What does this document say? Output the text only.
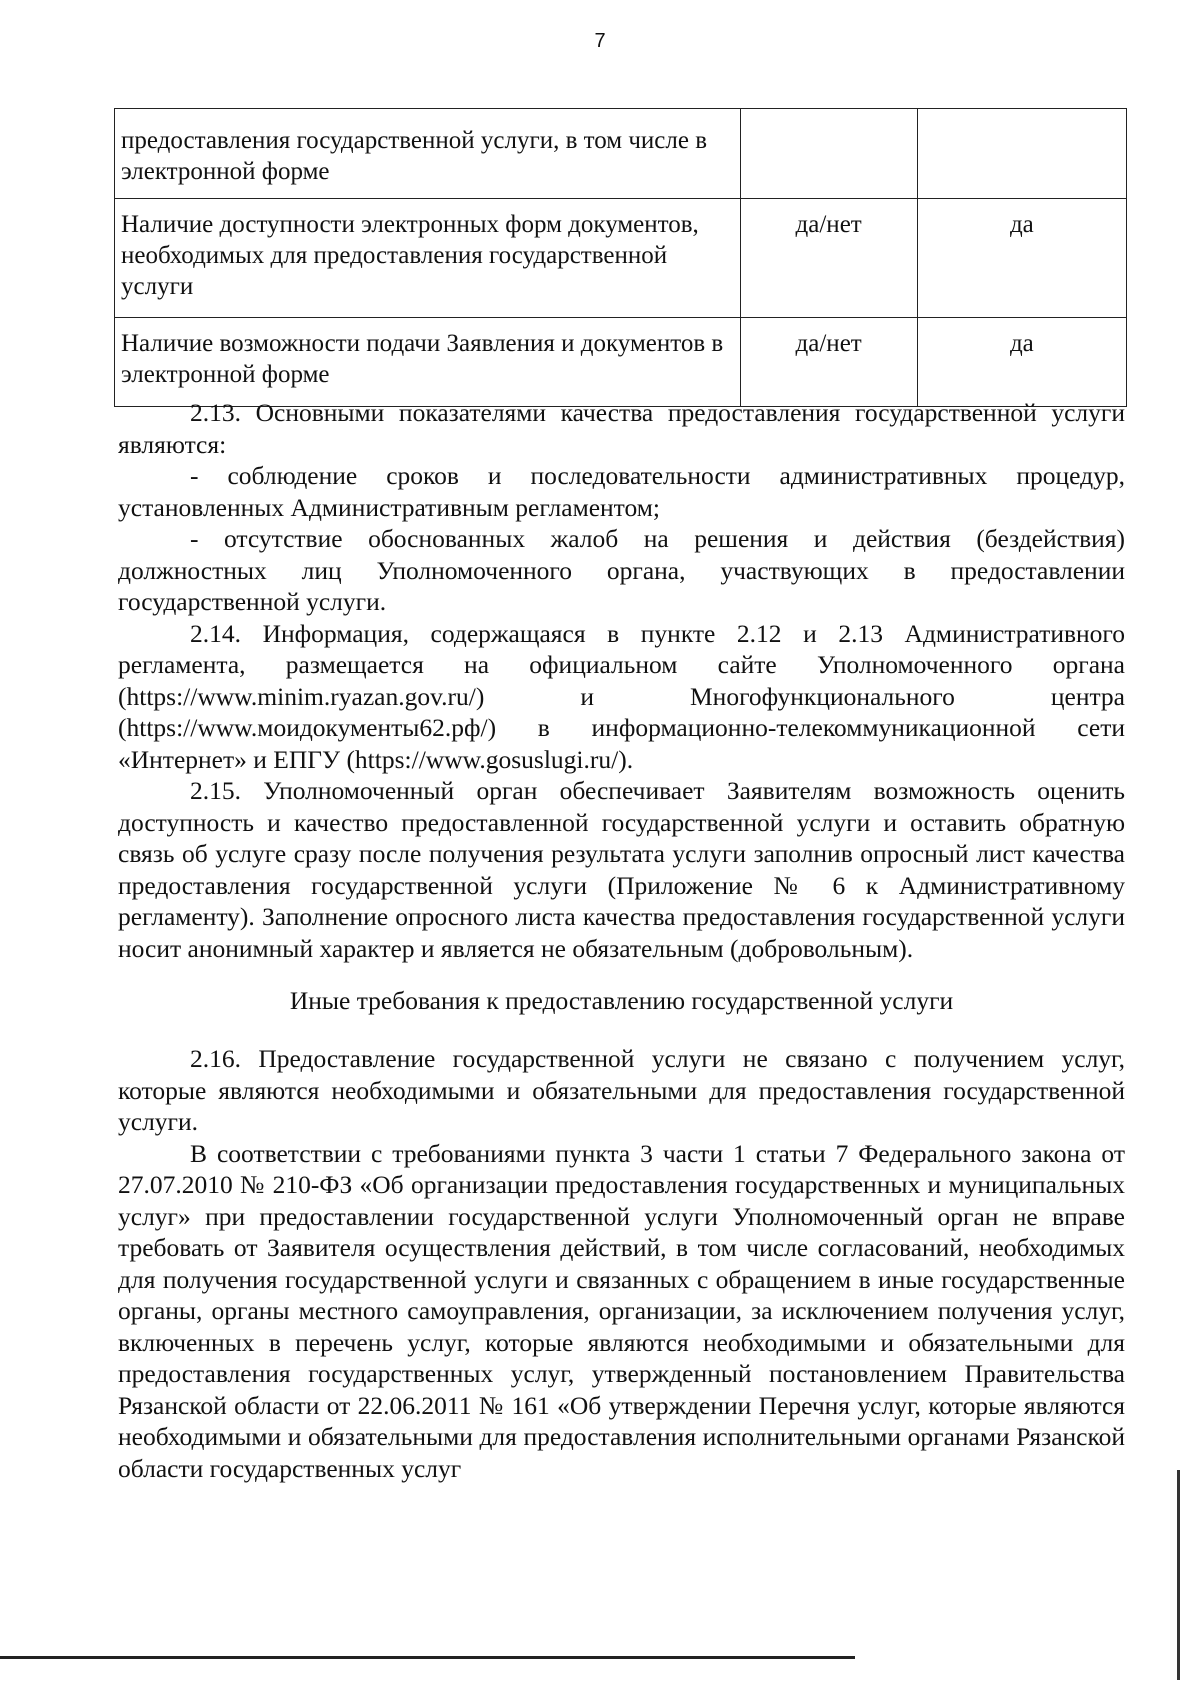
7
предоставления государственной услуги, в том числе в электронной форме		
Наличие доступности электронных форм документов, необходимых для предоставления государственной услуги	да/нет	да
Наличие возможности подачи Заявления и документов в электронной форме	да/нет	да

2.13. Основными показателями качества предоставления государственной услуги являются:

- соблюдение сроков и последовательности административных процедур, установленных Административным регламентом;

- отсутствие обоснованных жалоб на решения и действия (бездействия) должностных лиц Уполномоченного органа, участвующих в предоставлении государственной услуги.

2.14. Информация, содержащаяся в пункте 2.12 и 2.13 Административного регламента, размещается на официальном сайте Уполномоченного органа (https://www.minim.ryazan.gov.ru/) и Многофункционального центра (https://www.моидокументы62.рф/) в информационно-телекоммуникационной сети «Интернет» и ЕПГУ (https://www.gosuslugi.ru/).

2.15. Уполномоченный орган обеспечивает Заявителям возможность оценить доступность и качество предоставленной государственной услуги и оставить обратную связь об услуге сразу после получения результата услуги заполнив опросный лист качества предоставления государственной услуги (Приложение № 6 к Административному регламенту). Заполнение опросного листа качества предоставления государственной услуги носит анонимный характер и является не обязательным (добровольным).

Иные требования к предоставлению государственной услуги

2.16. Предоставление государственной услуги не связано с получением услуг, которые являются необходимыми и обязательными для предоставления государственной услуги.

В соответствии с требованиями пункта 3 части 1 статьи 7 Федерального закона от 27.07.2010 № 210-ФЗ «Об организации предоставления государственных и муниципальных услуг» при предоставлении государственной услуги Уполномоченный орган не вправе требовать от Заявителя осуществления действий, в том числе согласований, необходимых для получения государственной услуги и связанных с обращением в иные государственные органы, органы местного самоуправления, организации, за исключением получения услуг, включенных в перечень услуг, которые являются необходимыми и обязательными для предоставления государственных услуг, утвержденный постановлением Правительства Рязанской области от 22.06.2011 № 161 «Об утверждении Перечня услуг, которые являются необходимыми и обязательными для предоставления исполнительными органами Рязанской области государственных услуг
